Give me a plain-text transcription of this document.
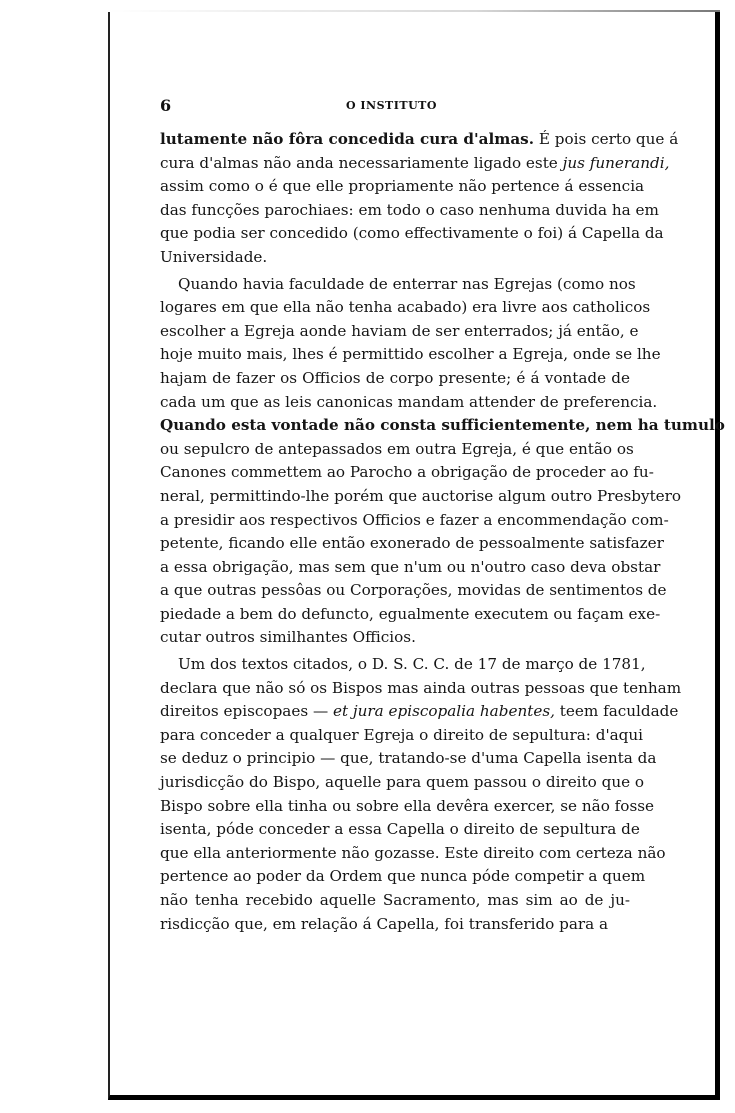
6	O INSTITUTO
lutamente não fôra concedida cura d'almas. É pois certo que á
cura d'almas não anda necessariamente ligado este jus funerandi,
assim como o é que elle propriamente não pertence á essencia
das funcções parochiaes: em todo o caso nenhuma duvida ha em
que podia ser concedido (como effectivamente o foi) á Capella da
Universidade.
Quando havia faculdade de enterrar nas Egrejas (como nos
logares em que ella não tenha acabado) era livre aos catholicos
escolher a Egreja aonde haviam de ser enterrados; já então, e
hoje muito mais, lhes é permittido escolher a Egreja, onde se lhe
hajam de fazer os Officios de corpo presente; é á vontade de
cada um que as leis canonicas mandam attender de preferencia.
Quando esta vontade não consta sufficientemente, nem ha tumulo
ou sepulcro de antepassados em outra Egreja, é que então os
Canones commettem ao Parocho a obrigação de proceder ao fu-
neral, permittindo-lhe porém que auctorise algum outro Presbytero
a presidir aos respectivos Officios e fazer a encommendação com-
petente, ficando elle então exonerado de pessoalmente satisfazer
a essa obrigação, mas sem que n'um ou n'outro caso deva obstar
a que outras pessôas ou Corporações, movidas de sentimentos de
piedade a bem do defuncto, egualmente executem ou façam exe-
cutar outros similhantes Officios.
Um dos textos citados, o D. S. C. C. de 17 de março de 1781,
declara que não só os Bispos mas ainda outras pessoas que tenham
direitos episcopaes — et jura episcopalia habentes, teem faculdade
para conceder a qualquer Egreja o direito de sepultura: d'aqui
se deduz o principio — que, tratando-se d'uma Capella isenta da
jurisdicção do Bispo, aquelle para quem passou o direito que o
Bispo sobre ella tinha ou sobre ella devêra exercer, se não fosse
isenta, póde conceder a essa Capella o direito de sepultura de
que ella anteriormente não gozasse. Este direito com certeza não
pertence ao poder da Ordem que nunca póde competir a quem
não tenha recebido aquelle Sacramento, mas sim ao de ju-
risdicção que, em relação á Capella, foi transferido para a
